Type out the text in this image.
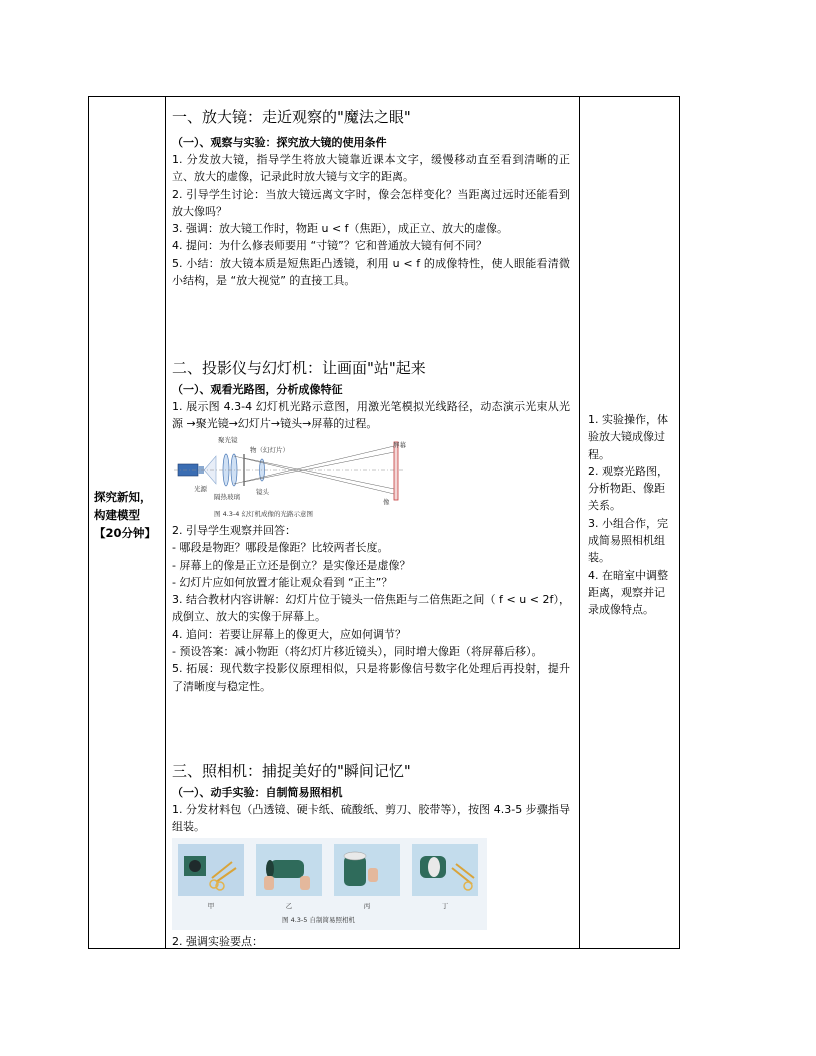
探究新知，构建模型【20分钟】
一、放大镜：走近观察的"魔法之眼"
（一）、观察与实验：探究放大镜的使用条件
1. 分发放大镜，指导学生将放大镜靠近课本文字，缓慢移动直至看到清晰的正立、放大的虚像，记录此时放大镜与文字的距离。
2. 引导学生讨论：当放大镜远离文字时，像会怎样变化？当距离过远时还能看到放大像吗？
3. 强调：放大镜工作时，物距 u < f（焦距），成正立、放大的虚像。
4. 提问：为什么修表师要用 “寸镜”？它和普通放大镜有何不同？
5. 小结：放大镜本质是短焦距凸透镜，利用 u < f 的成像特性，使人眼能看清微小结构，是 “放大视觉” 的直接工具。
二、投影仪与幻灯机：让画面"站"起来
（一）、观看光路图，分析成像特征
1. 展示图 4.3-4 幻灯机光路示意图，用激光笔模拟光线路径，动态演示光束从光源 →聚光镜→幻灯片→镜头→屏幕的过程。
聚光镜
物（幻灯片）
屏幕
光源
隔热玻璃
镜头
像
图 4.3-4 幻灯机成像的光路示意图
2. 引导学生观察并回答：
- 哪段是物距？哪段是像距？比较两者长度。
- 屏幕上的像是正立还是倒立？是实像还是虚像？
- 幻灯片应如何放置才能让观众看到 “正主”？
3. 结合教材内容讲解：幻灯片位于镜头一倍焦距与二倍焦距之间（ f < u < 2f），成倒立、放大的实像于屏幕上。
4. 追问：若要让屏幕上的像更大，应如何调节？
- 预设答案：减小物距（将幻灯片移近镜头），同时增大像距（将屏幕后移）。
5. 拓展：现代数字投影仪原理相似，只是将影像信号数字化处理后再投射，提升了清晰度与稳定性。
三、照相机：捕捉美好的"瞬间记忆"
（一）、动手实验：自制简易照相机
1. 分发材料包（凸透镜、硬卡纸、硫酸纸、剪刀、胶带等），按图 4.3-5 步骤指导组装。
甲	乙	丙	丁
图 4.3-5 自制简易照相机
2. 强调实验要点：
1. 实验操作，体验放大镜成像过程。
2. 观察光路图，分析物距、像距关系。
3. 小组合作，完成简易照相机组装。
4. 在暗室中调整距离，观察并记录成像特点。
